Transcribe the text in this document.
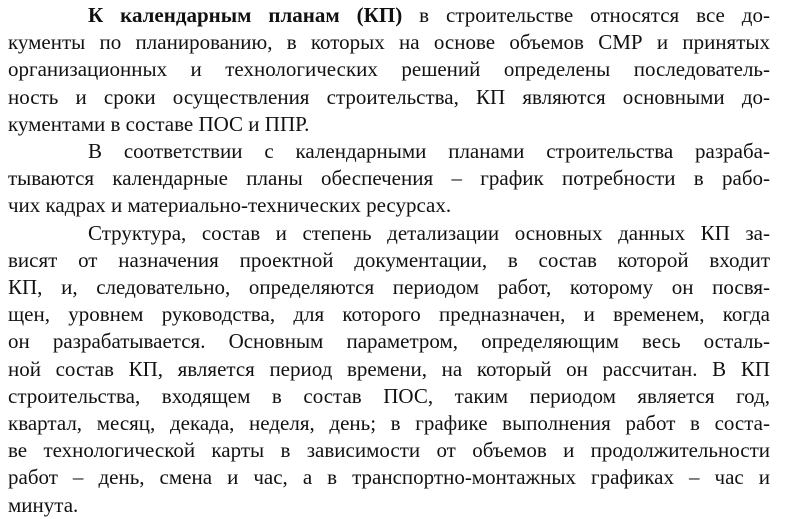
К календарным планам (КП) в строительстве относятся все до-
кументы по планированию, в которых на основе объемов СМР и принятых
организационных и технологических решений определены последователь-
ность и сроки осуществления строительства, КП являются основными до-
кументами в составе ПОС и ППР.

В соответствии с календарными планами строительства разраба-
тываются календарные планы обеспечения – график потребности в рабо-
чих кадрах и материально-технических ресурсах.

Структура, состав и степень детализации основных данных КП за-
висят от назначения проектной документации, в состав которой входит
КП, и, следовательно, определяются периодом работ, которому он посвя-
щен, уровнем руководства, для которого предназначен, и временем, когда
он разрабатывается. Основным параметром, определяющим весь осталь-
ной состав КП, является период времени, на который он рассчитан. В КП
строительства, входящем в состав ПОС, таким периодом является год,
квартал, месяц, декада, неделя, день; в графике выполнения работ в соста-
ве технологической карты в зависимости от объемов и продолжительности
работ – день, смена и час, а в транспортно-монтажных графиках – час и
минута.
